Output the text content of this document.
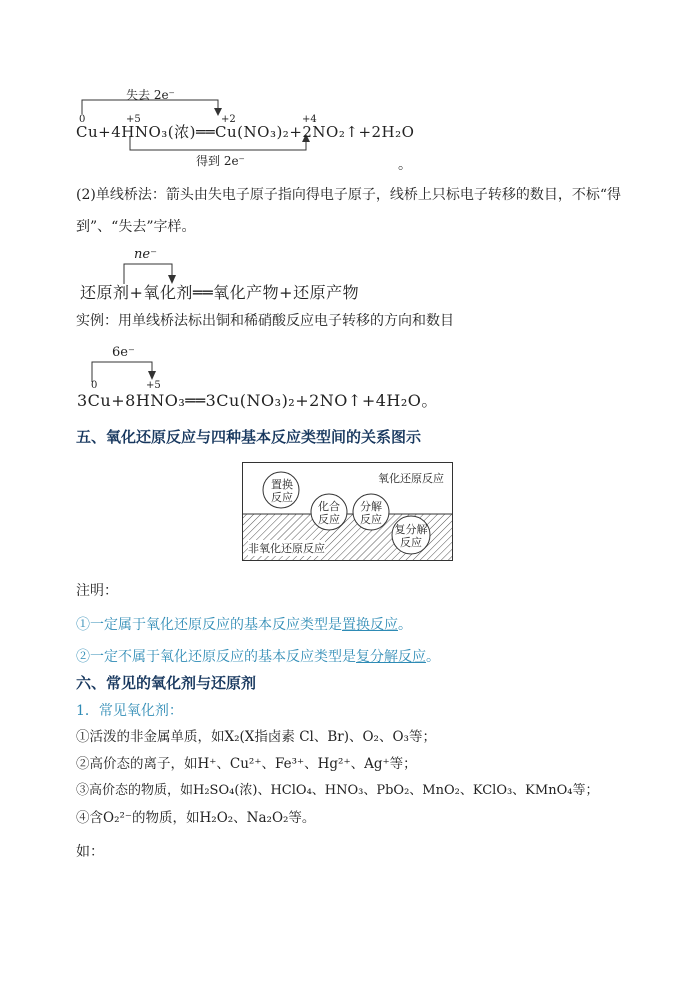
失去 2e⁻
0	+5	+2	+4
Cu+4HNO₃(浓)══Cu(NO₃)₂+2NO₂↑+2H₂O
得到 2e⁻	。
(2)单线桥法：箭头由失电子原子指向得电子原子，线桥上只标电子转移的数目，不标“得
到”、“失去”字样。
ne⁻
还原剂+氧化剂══氧化产物+还原产物
实例：用单线桥法标出铜和稀硝酸反应电子转移的方向和数目
6e⁻
0	+5
3Cu+8HNO₃══3Cu(NO₃)₂+2NO↑+4H₂O。
五、氧化还原反应与四种基本反应类型间的关系图示
氧化还原反应
非氧化还原反应
置换
反应
化合
反应
分解
反应
复分解
反应
注明：
①一定属于氧化还原反应的基本反应类型是置换反应。
②一定不属于氧化还原反应的基本反应类型是复分解反应。
六、常见的氧化剂与还原剂
1．常见氧化剂：
①活泼的非金属单质，如X₂(X指卤素 Cl、Br)、O₂、O₃等；
②高价态的离子，如H⁺、Cu²⁺、Fe³⁺、Hg²⁺、Ag⁺等；
③高价态的物质，如H₂SO₄(浓)、HClO₄、HNO₃、PbO₂、MnO₂、KClO₃、KMnO₄等；
④含O₂²⁻的物质，如H₂O₂、Na₂O₂等。
如：
